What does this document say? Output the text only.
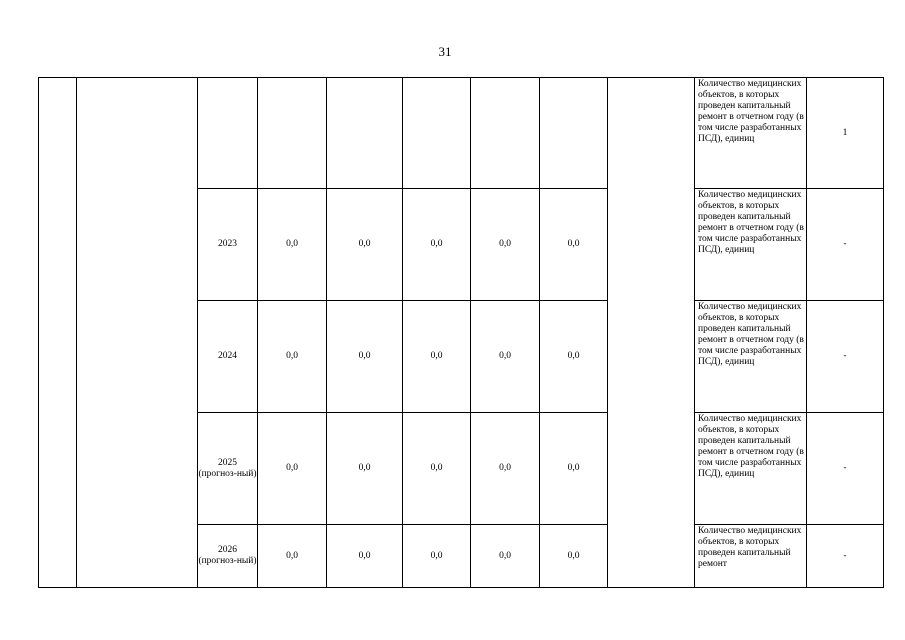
31
									Количество медицинских объектов, в которых проведен капитальный ремонт в отчетном году (в том числе разработанных ПСД), единиц	1
		2023	0,0	0,0	0,0	0,0	0,0		Количество медицинских объектов, в которых проведен капитальный ремонт в отчетном году (в том числе разработанных ПСД), единиц	-
		2024	0,0	0,0	0,0	0,0	0,0		Количество медицинских объектов, в которых проведен капитальный ремонт в отчетном году (в том числе разработанных ПСД), единиц	-
		2025 (прогноз-ный)	0,0	0,0	0,0	0,0	0,0		Количество медицинских объектов, в которых проведен капитальный ремонт в отчетном году (в том числе разработанных ПСД), единиц	-
		2026 (прогноз-ный)	0,0	0,0	0,0	0,0	0,0		Количество медицинских объектов, в которых проведен капитальный ремонт	-
